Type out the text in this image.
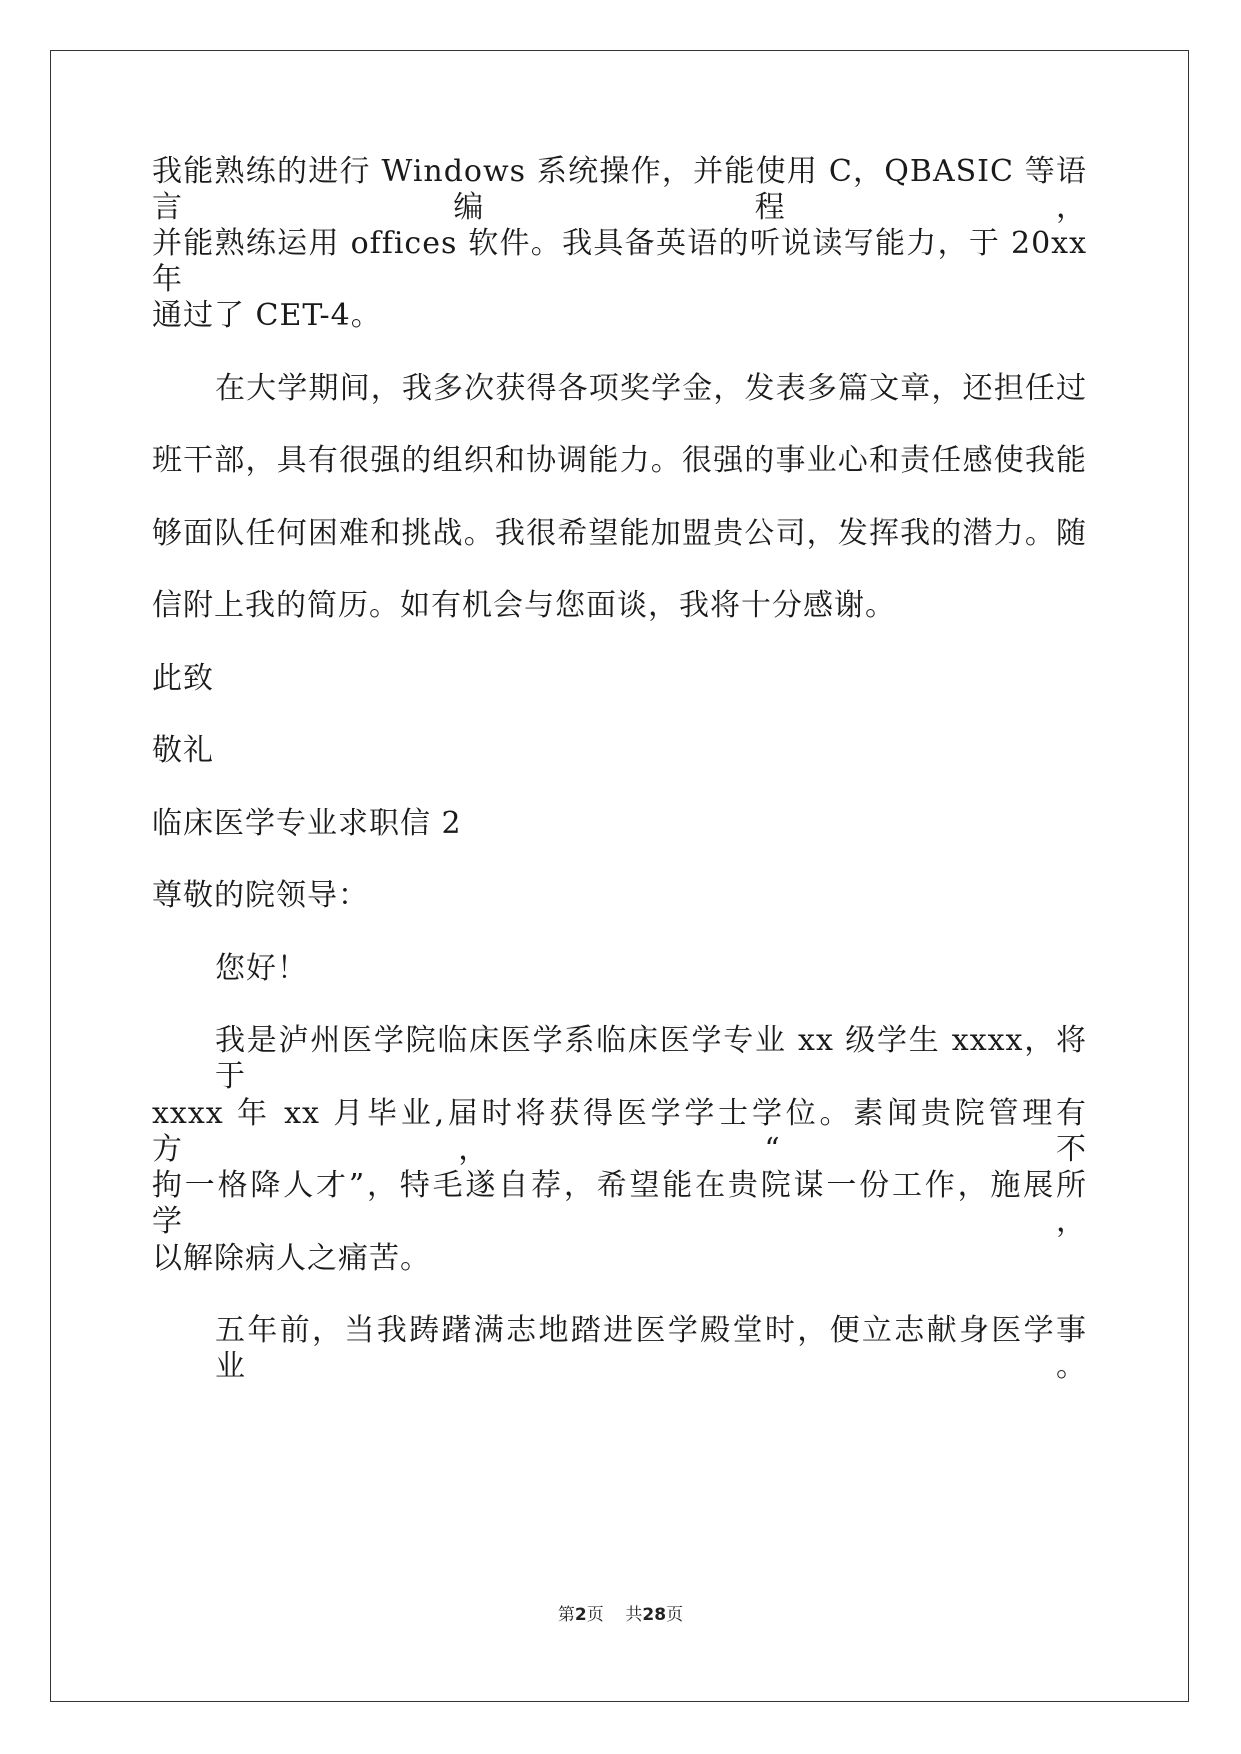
我能熟练的进行 Windows 系统操作，并能使用 C，QBASIC 等语言编程，
并能熟练运用 offices 软件。我具备英语的听说读写能力，于 20xx 年
通过了 CET-4。
在大学期间，我多次获得各项奖学金，发表多篇文章，还担任过
班干部，具有很强的组织和协调能力。很强的事业心和责任感使我能
够面队任何困难和挑战。我很希望能加盟贵公司，发挥我的潜力。随
信附上我的简历。如有机会与您面谈，我将十分感谢。
此致
敬礼
临床医学专业求职信 2
尊敬的院领导：
您好！
我是泸州医学院临床医学系临床医学专业 xx 级学生 xxxx，将于
xxxx 年 xx 月毕业,届时将获得医学学士学位。素闻贵院管理有方，“不
拘一格降人才”，特毛遂自荐，希望能在贵院谋一份工作，施展所学，
以解除病人之痛苦。
五年前，当我踌躇满志地踏进医学殿堂时，便立志献身医学事业。
第2页 共28页
